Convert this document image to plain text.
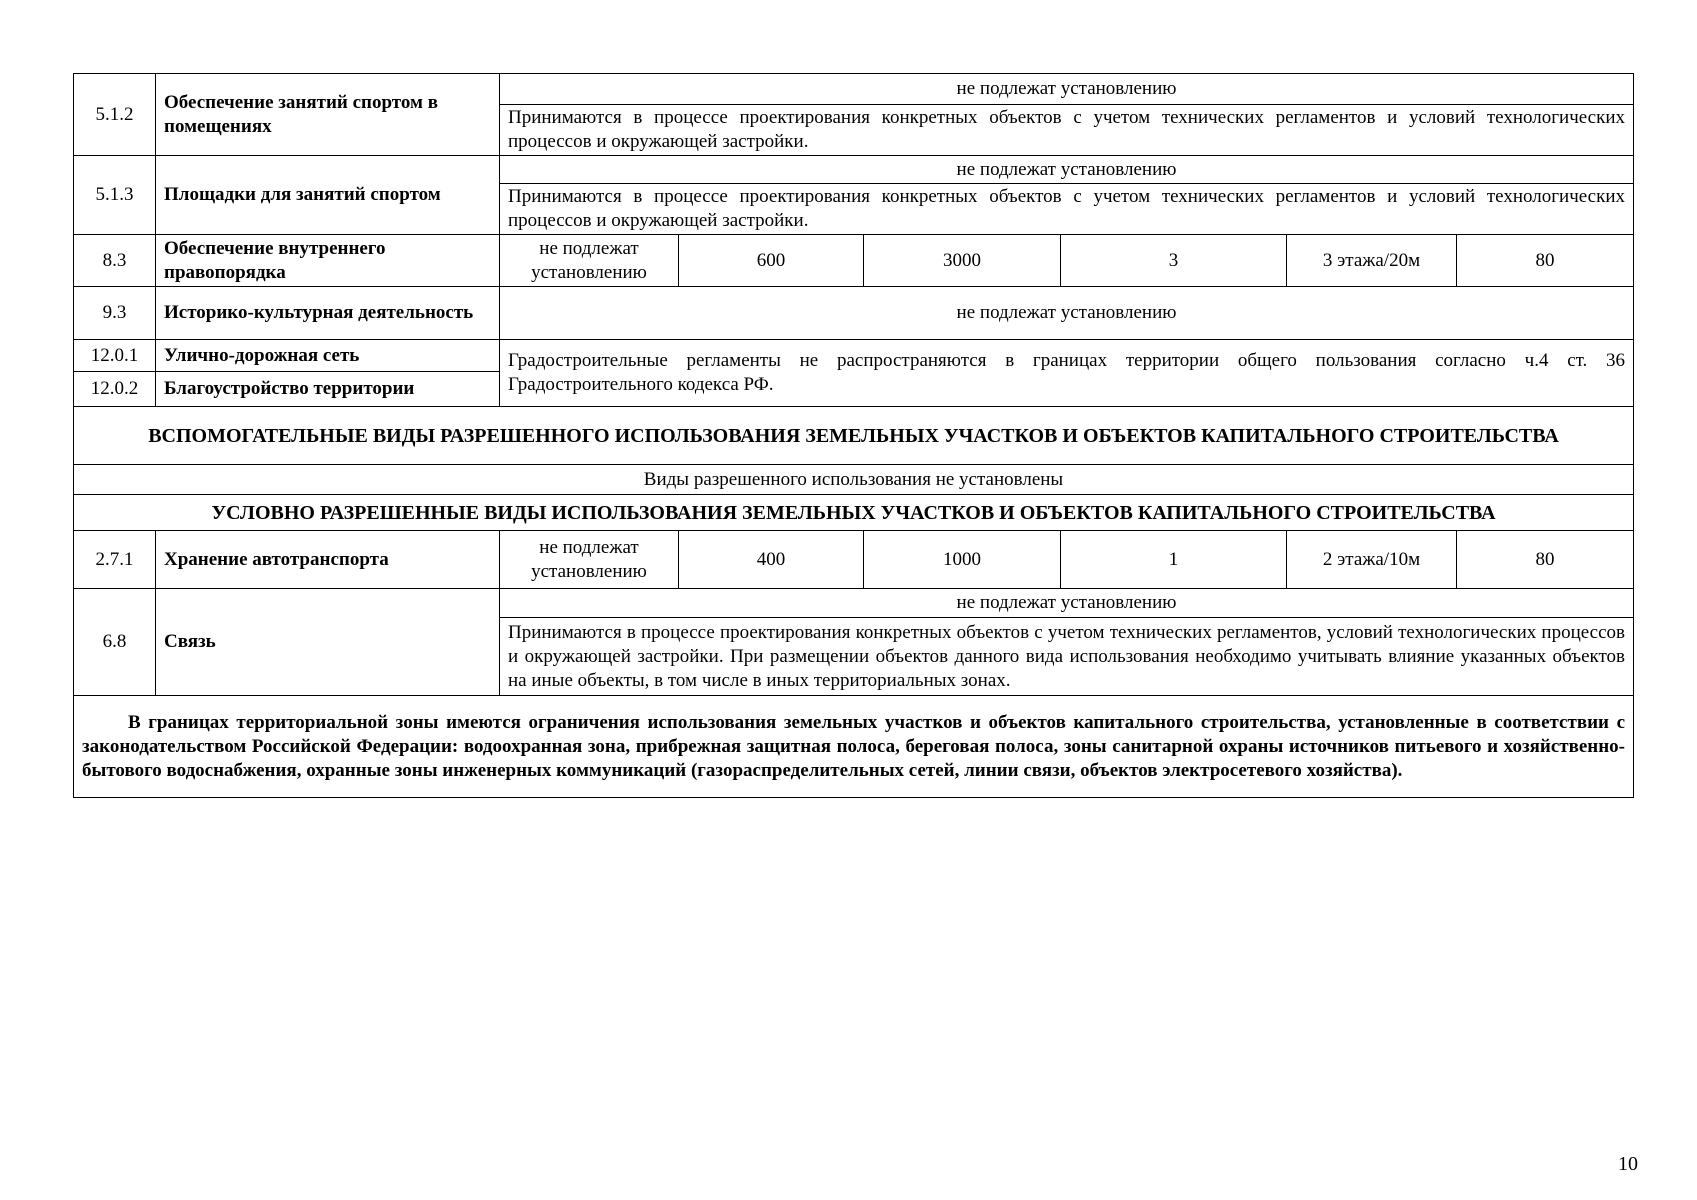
5.1.2	Обеспечение занятий спортом в помещениях	не подлежат установлению					
		Принимаются в процессе проектирования конкретных объектов с учетом технических регламентов и условий технологических процессов и окружающей застройки.					
5.1.3	Площадки для занятий спортом	не подлежат установлению					
		Принимаются в процессе проектирования конкретных объектов с учетом технических регламентов и условий технологических процессов и окружающей застройки.					
8.3	Обеспечение внутреннего правопорядка	не подлежат установлению	600	3000	3	3 этажа/20м	80
9.3	Историко-культурная деятельность	не подлежат установлению					
12.0.1	Улично-дорожная сеть	Градостроительные регламенты не распространяются в границах территории общего пользования согласно ч.4 ст. 36 Градостроительного кодекса РФ.					
12.0.2	Благоустройство территории						
ВСПОМОГАТЕЛЬНЫЕ ВИДЫ РАЗРЕШЕННОГО ИСПОЛЬЗОВАНИЯ ЗЕМЕЛЬНЫХ УЧАСТКОВ И ОБЪЕКТОВ КАПИТАЛЬНОГО СТРОИТЕЛЬСТВА							
Виды разрешенного использования не установлены							
УСЛОВНО РАЗРЕШЕННЫЕ ВИДЫ ИСПОЛЬЗОВАНИЯ ЗЕМЕЛЬНЫХ УЧАСТКОВ И ОБЪЕКТОВ КАПИТАЛЬНОГО СТРОИТЕЛЬСТВА							
2.7.1	Хранение автотранспорта	не подлежат установлению	400	1000	1	2 этажа/10м	80
6.8	Связь	не подлежат установлению					
		Принимаются в процессе проектирования конкретных объектов с учетом технических регламентов, условий технологических процессов и окружающей застройки. При размещении объектов данного вида использования необходимо учитывать влияние указанных объектов на иные объекты, в том числе в иных территориальных зонах.					
В границах территориальной зоны имеются ограничения использования земельных участков и объектов капитального строительства, установленные в соответствии с законодательством Российской Федерации: водоохранная зона, прибрежная защитная полоса, береговая полоса, зоны санитарной охраны источников питьевого и хозяйственно-бытового водоснабжения, охранные зоны инженерных коммуникаций (газораспределительных сетей, линии связи, объектов электросетевого хозяйства).							
10
